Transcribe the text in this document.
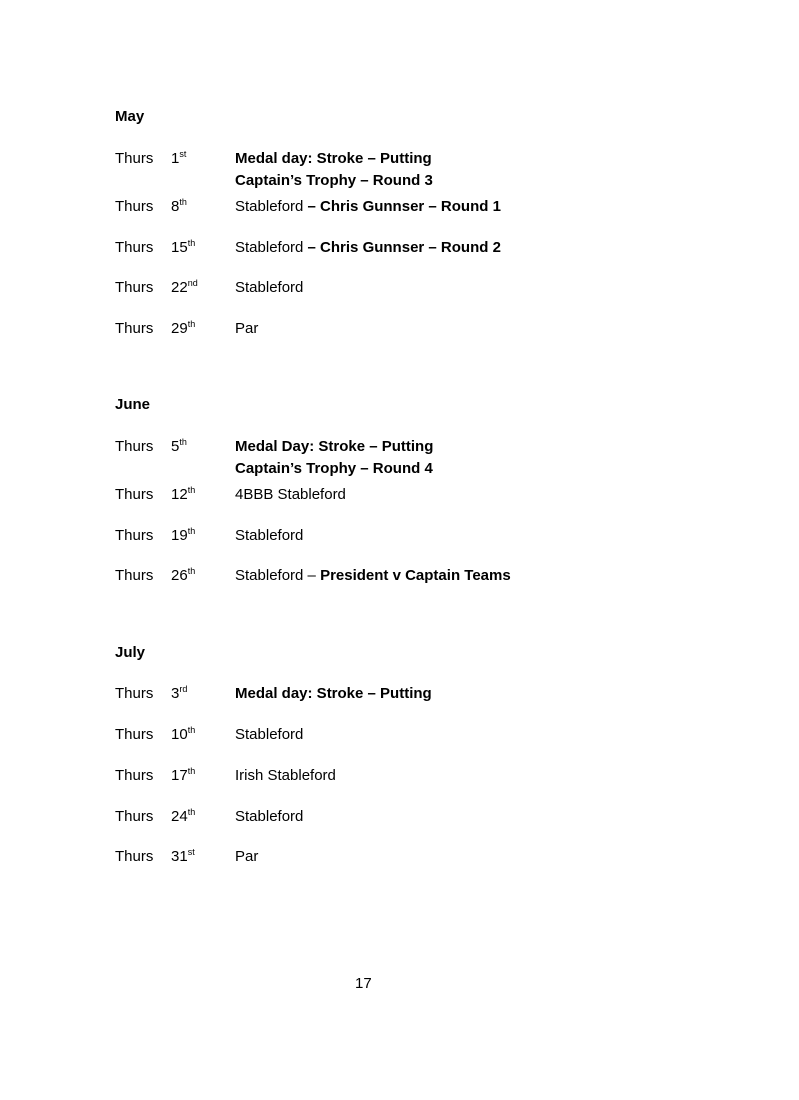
May
Thurs 1st	Medal day: Stroke – Putting
Captain’s Trophy – Round 3
Thurs 8th	Stableford – Chris Gunnser – Round 1
Thurs 15th	Stableford – Chris Gunnser – Round 2
Thurs 22nd Stableford
Thurs 29th	Par
June
Thurs 5th	Medal Day: Stroke – Putting
Captain’s Trophy – Round 4
Thurs 12th	4BBB Stableford
Thurs 19th	Stableford
Thurs 26th	Stableford – President v Captain Teams
July
Thurs 3rd	Medal day: Stroke – Putting
Thurs 10th	Stableford
Thurs 17th	Irish Stableford
Thurs 24th	Stableford
Thurs 31st	Par
17
